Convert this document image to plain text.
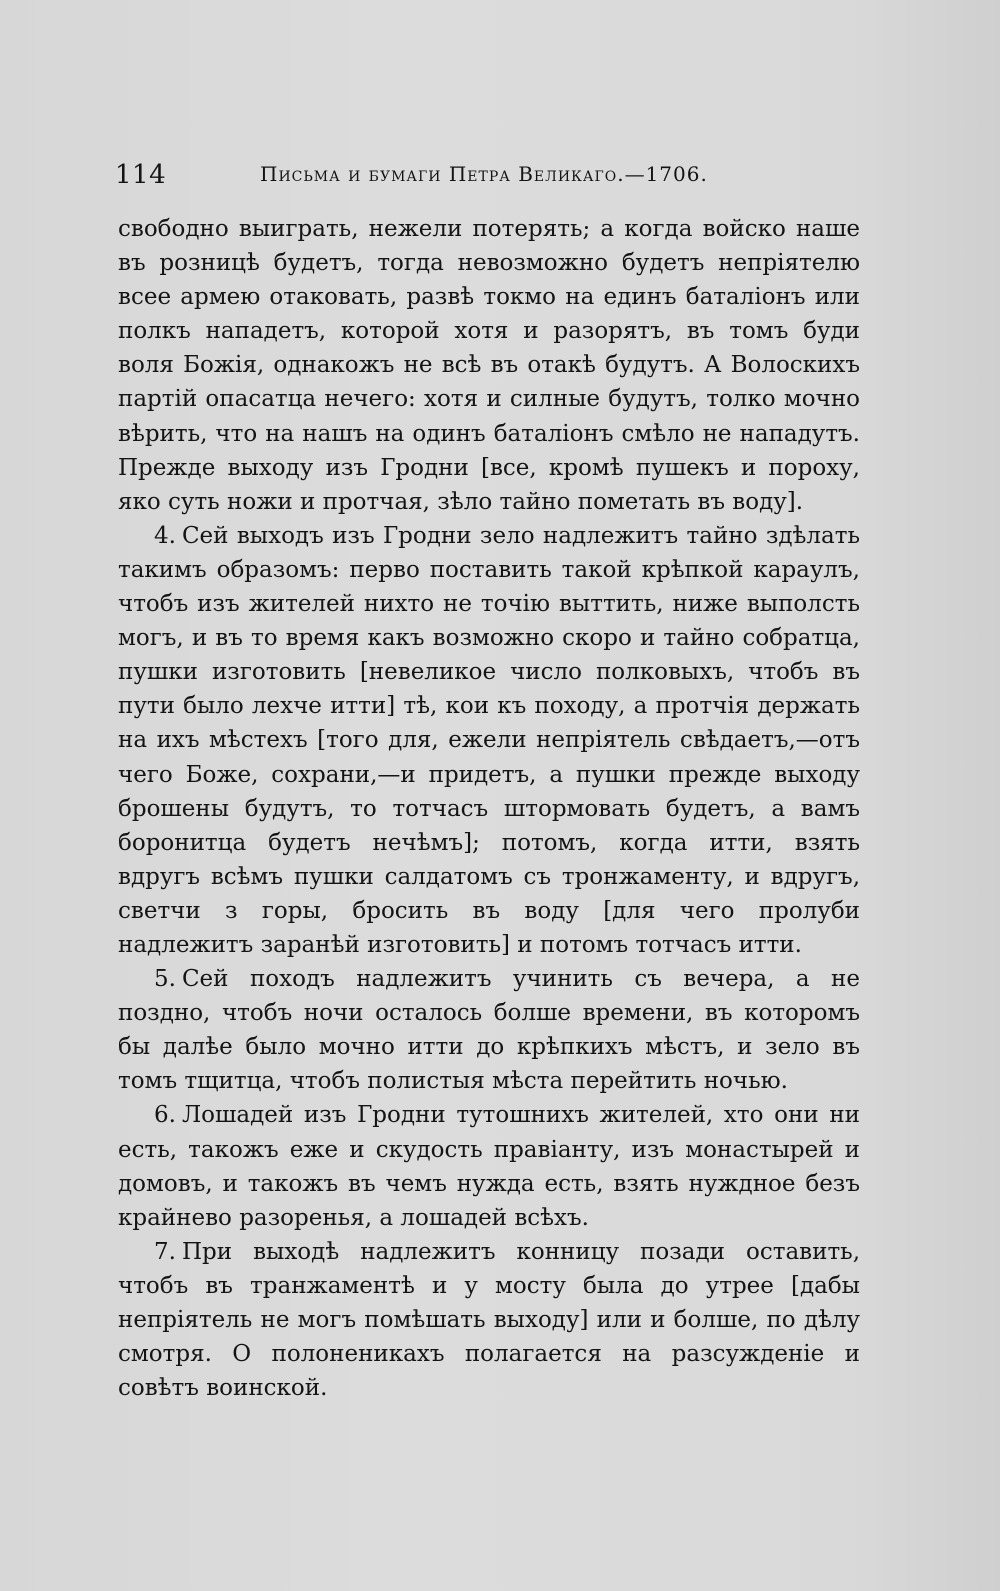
114	Письма и бумаги Петра Великаго.—1706.

свободно выиграть, нежели потерять; а когда войско наше въ розницѣ будетъ, тогда невозможно будетъ непріятелю всее армею отаковать, развѣ токмо на единъ баталіонъ или полкъ нападетъ, которой хотя и разорятъ, въ томъ буди воля Божія, однакожъ не всѣ въ отакѣ будутъ. А Волоскихъ партій опасатца нечего: хотя и силные будутъ, толко мочно вѣрить, что на нашъ на одинъ баталіонъ смѣло не нападутъ. Прежде выходу изъ Гродни [все, кромѣ пушекъ и пороху, яко суть ножи и протчая, зѣло тайно пометать въ воду].

4. Сей выходъ изъ Гродни зело надлежитъ тайно здѣлать такимъ образомъ: перво поставить такой крѣпкой караулъ, чтобъ изъ жителей нихто не точію выттить, ниже выполсть могъ, и въ то время какъ возможно скоро и тайно собратца, пушки изготовить [невеликое число полковыхъ, чтобъ въ пути было лехче итти] тѣ, кои къ походу, а протчія держать на ихъ мѣстехъ [того для, ежели непріятель свѣдаетъ,—отъ чего Боже, сохрани,—и придетъ, а пушки прежде выходу брошены будутъ, то тотчасъ штормовать будетъ, а вамъ боронитца будетъ нечѣмъ]; потомъ, когда итти, взять вдругъ всѣмъ пушки салдатомъ съ тронжаменту, и вдругъ, светчи з горы, бросить въ воду [для чего пролуби надлежитъ заранѣй изготовить] и потомъ тотчасъ итти.

5. Сей походъ надлежитъ учинить съ вечера, а не поздно, чтобъ ночи осталось болше времени, въ которомъ бы далѣе было мочно итти до крѣпкихъ мѣстъ, и зело въ томъ тщитца, чтобъ полистыя мѣста перейтить ночью.

6. Лошадей изъ Гродни тутошнихъ жителей, хто они ни есть, такожъ еже и скудость правіанту, изъ монастырей и домовъ, и такожъ въ чемъ нужда есть, взять нуждное безъ крайнево разоренья, а лошадей всѣхъ.

7. При выходѣ надлежитъ конницу позади оставить, чтобъ въ транжаментѣ и у мосту была до утрее [дабы непріятель не могъ помѣшать выходу] или и болше, по дѣлу смотря. О полоненикахъ полагается на разсужденіе и совѣтъ воинской.
